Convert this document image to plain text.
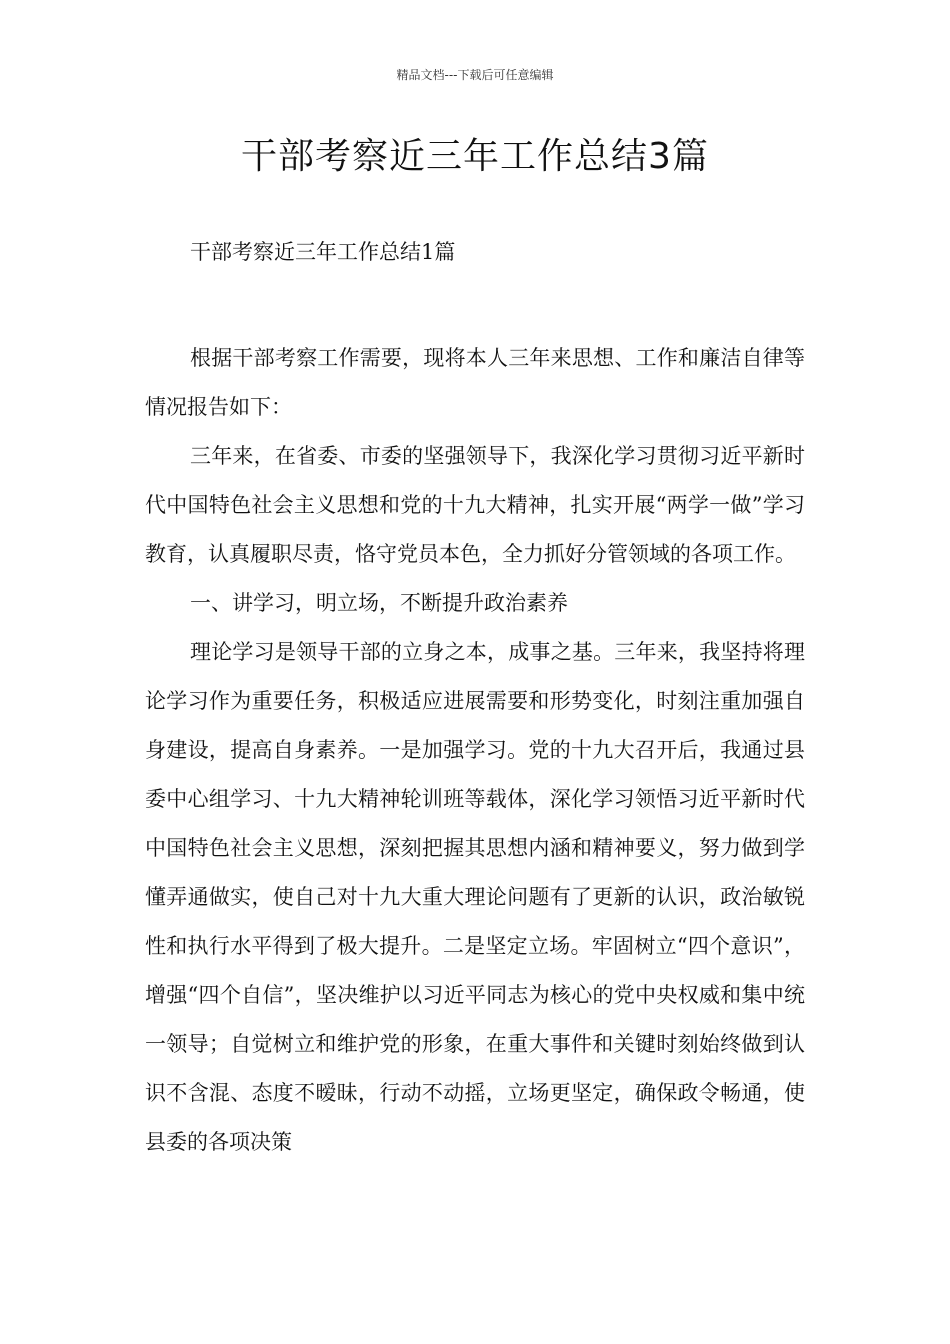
精品文档---下载后可任意编辑
干部考察近三年工作总结3篇
干部考察近三年工作总结1篇

根据干部考察工作需要，现将本人三年来思想、工作和廉洁自律等情况报告如下：

三年来，在省委、市委的坚强领导下，我深化学习贯彻习近平新时代中国特色社会主义思想和党的十九大精神，扎实开展“两学一做”学习教育，认真履职尽责，恪守党员本色，全力抓好分管领域的各项工作。

一、讲学习，明立场，不断提升政治素养

理论学习是领导干部的立身之本，成事之基。三年来，我坚持将理论学习作为重要任务，积极适应进展需要和形势变化，时刻注重加强自身建设，提高自身素养。一是加强学习。党的十九大召开后，我通过县委中心组学习、十九大精神轮训班等载体，深化学习领悟习近平新时代中国特色社会主义思想，深刻把握其思想内涵和精神要义，努力做到学懂弄通做实，使自己对十九大重大理论问题有了更新的认识，政治敏锐性和执行水平得到了极大提升。二是坚定立场。牢固树立“四个意识”，增强“四个自信”，坚决维护以习近平同志为核心的党中央权威和集中统一领导；自觉树立和维护党的形象，在重大事件和关键时刻始终做到认识不含混、态度不暧昧，行动不动摇，立场更坚定，确保政令畅通，使县委的各项决策
